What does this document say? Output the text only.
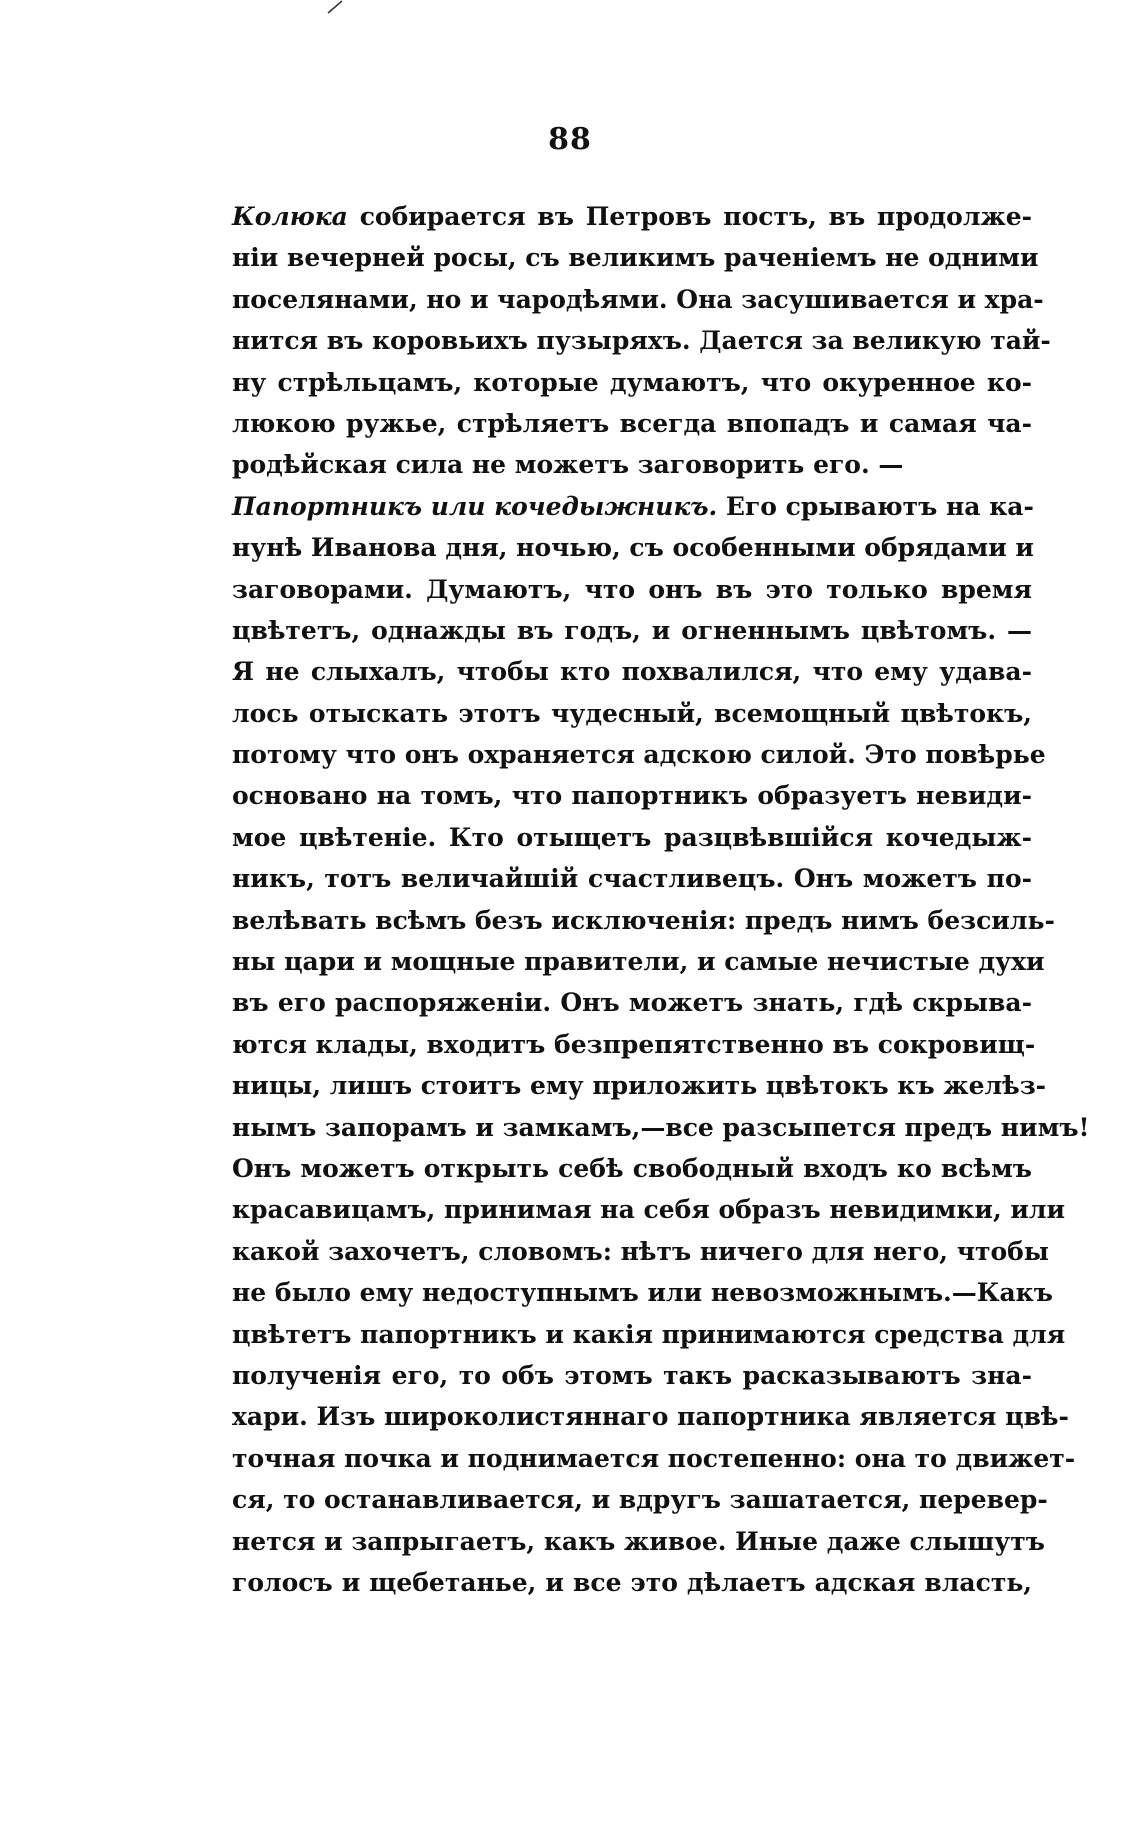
88
Колюка собирается въ Петровъ постъ, въ продолже-
нiи вечерней росы, съ великимъ раченiемъ не одними
поселянами, но и чародѣями. Она засушивается и хра-
нится въ коровьихъ пузыряхъ. Дается за великую тай-
ну стрѣльцамъ, которые думаютъ, что окуренное ко-
люкою ружье, стрѣляетъ всегда впопадъ и самая ча-
родѣйская сила не можетъ заговорить его. —
Папортникъ или кочедыжникъ. Его срываютъ на ка-
нунѣ Иванова дня, ночью, съ особенными обрядами и
заговорами. Думаютъ, что онъ въ это только время
цвѣтетъ, однажды въ годъ, и огненнымъ цвѣтомъ. —
Я не слыхалъ, чтобы кто похвалился, что ему удава-
лось отыскать этотъ чудесный, всемощный цвѣтокъ,
потому что онъ охраняется адскою силой. Это повѣрье
основано на томъ, что папортникъ образуетъ невиди-
мое цвѣтенiе. Кто отыщетъ разцвѣвшiйся кочедыж-
никъ, тотъ величайшiй счастливецъ. Онъ можетъ по-
велѣвать всѣмъ безъ исключенiя: предъ нимъ безсиль-
ны цари и мощные правители, и самые нечистые духи
въ его распоряженiи. Онъ можетъ знать, гдѣ скрыва-
ются клады, входитъ безпрепятственно въ сокровищ-
ницы, лишъ стоитъ ему приложить цвѣтокъ къ желѣз-
нымъ запорамъ и замкамъ,—все разсыпется предъ нимъ!
Онъ можетъ открыть себѣ свободный входъ ко всѣмъ
красавицамъ, принимая на себя образъ невидимки, или
какой захочетъ, словомъ: нѣтъ ничего для него, чтобы
не было ему недоступнымъ или невозможнымъ.—Какъ
цвѣтетъ папортникъ и какiя принимаются средства для
полученiя его, то объ этомъ такъ расказываютъ зна-
хари. Изъ широколистяннаго папортника является цвѣ-
точная почка и поднимается постепенно: она то движет-
ся, то останавливается, и вдругъ зашатается, перевер-
нется и запрыгаетъ, какъ живое. Иные даже слышутъ
голосъ и щебетанье, и все это дѣлаетъ адская власть,
